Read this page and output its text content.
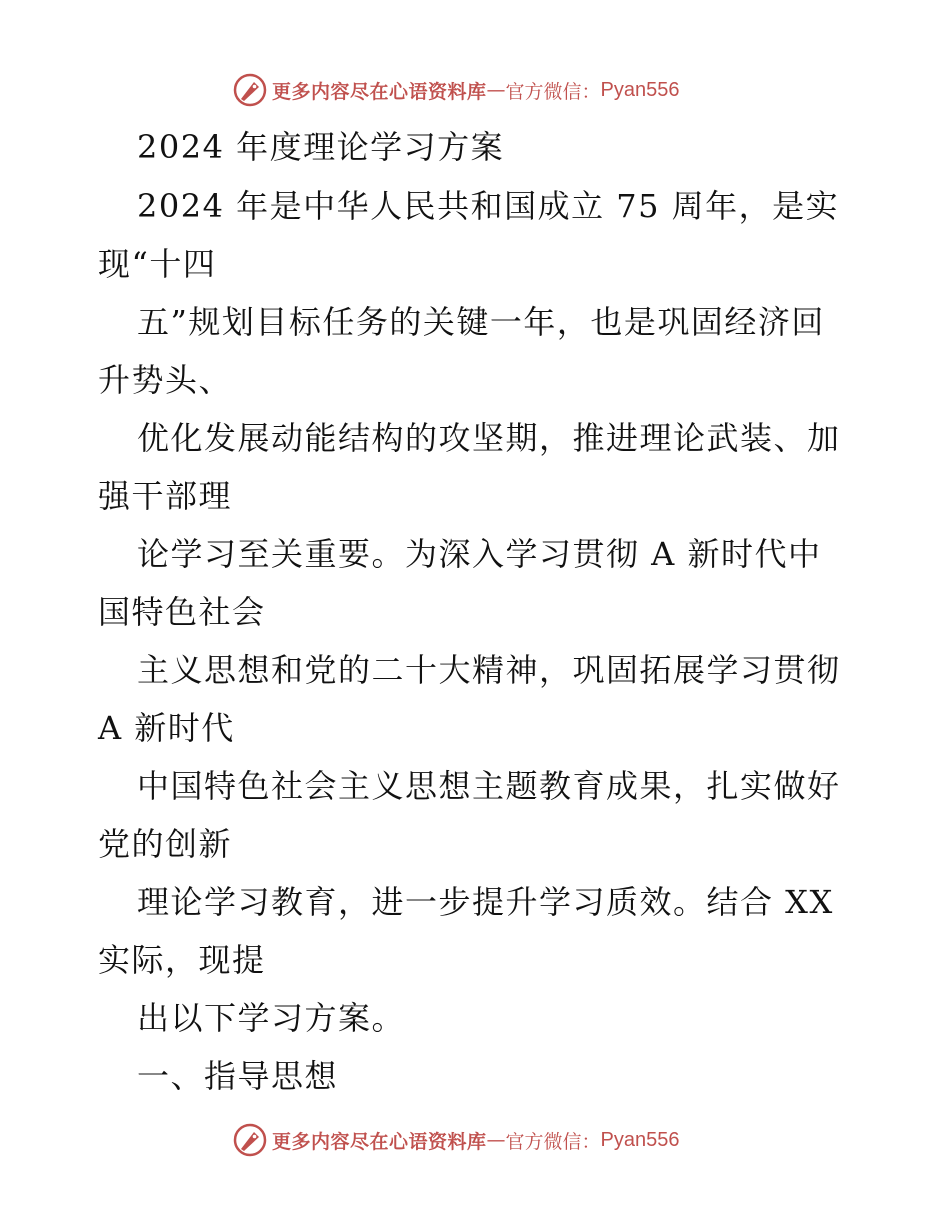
更多内容尽在心语资料库 — 官方微信： Pyan556
2024 年度理论学习方案
2024 年是中华人民共和国成立 75 周年，是实
现“十四
五”规划目标任务的关键一年，也是巩固经济回
升势头、
优化发展动能结构的攻坚期，推进理论武装、加
强干部理
论学习至关重要。为深入学习贯彻 A 新时代中
国特色社会
主义思想和党的二十大精神，巩固拓展学习贯彻
A 新时代
中国特色社会主义思想主题教育成果，扎实做好
党的创新
理论学习教育，进一步提升学习质效。结合 XX
实际，现提
出以下学习方案。
一、指导思想
更多内容尽在心语资料库 — 官方微信： Pyan556
